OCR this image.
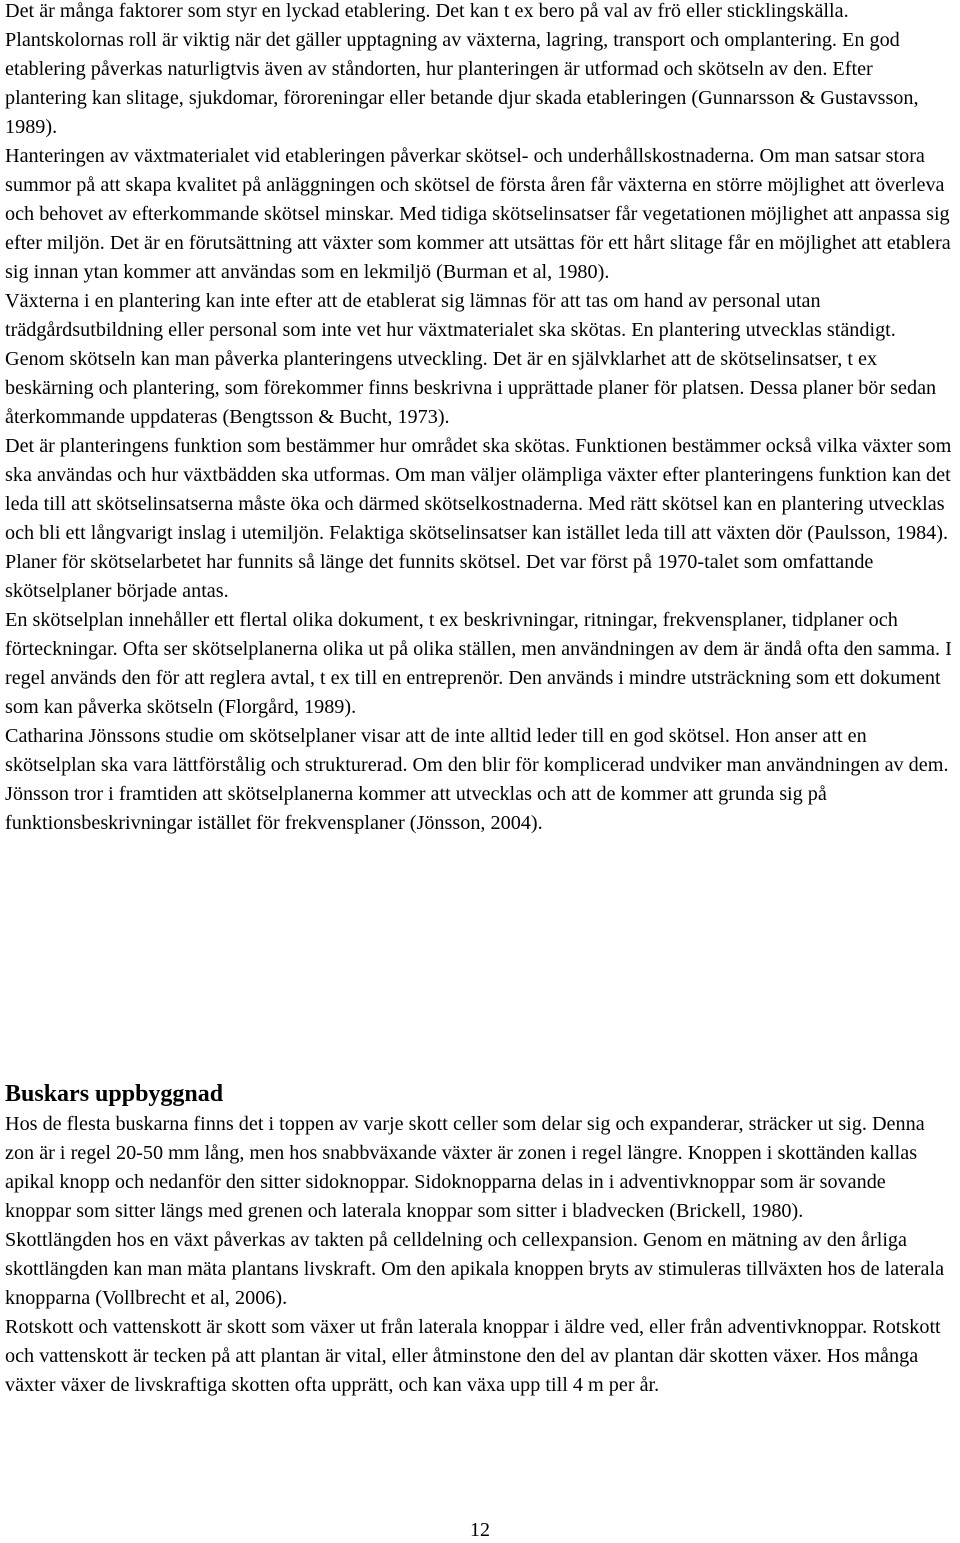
Det är många faktorer som styr en lyckad etablering. Det kan t ex bero på val av frö eller sticklingskälla. Plantskolornas roll är viktig när det gäller upptagning av växterna, lagring, transport och omplantering. En god etablering påverkas naturligtvis även av ståndorten, hur planteringen är utformad och skötseln av den. Efter plantering kan slitage, sjukdomar, föroreningar eller betande djur skada etableringen (Gunnarsson & Gustavsson, 1989).

Hanteringen av växtmaterialet vid etableringen påverkar skötsel- och underhållskostnaderna. Om man satsar stora summor på att skapa kvalitet på anläggningen och skötsel de första åren får växterna en större möjlighet att överleva och behovet av efterkommande skötsel minskar. Med tidiga skötselinsatser får vegetationen möjlighet att anpassa sig efter miljön. Det är en förutsättning att växter som kommer att utsättas för ett hårt slitage får en möjlighet att etablera sig innan ytan kommer att användas som en lekmiljö (Burman et al, 1980).

Växterna i en plantering kan inte efter att de etablerat sig lämnas för att tas om hand av personal utan trädgårdsutbildning eller personal som inte vet hur växtmaterialet ska skötas. En plantering utvecklas ständigt. Genom skötseln kan man påverka planteringens utveckling. Det är en självklarhet att de skötselinsatser, t ex beskärning och plantering, som förekommer finns beskrivna i upprättade planer för platsen. Dessa planer bör sedan återkommande uppdateras (Bengtsson & Bucht, 1973).

Det är planteringens funktion som bestämmer hur området ska skötas. Funktionen bestämmer också vilka växter som ska användas och hur växtbädden ska utformas. Om man väljer olämpliga växter efter planteringens funktion kan det leda till att skötselinsatserna måste öka och därmed skötselkostnaderna. Med rätt skötsel kan en plantering utvecklas och bli ett långvarigt inslag i utemiljön. Felaktiga skötselinsatser kan istället leda till att växten dör (Paulsson, 1984).

Planer för skötselarbetet har funnits så länge det funnits skötsel. Det var först på 1970-talet som omfattande skötselplaner började antas.

En skötselplan innehåller ett flertal olika dokument, t ex beskrivningar, ritningar, frekvensplaner, tidplaner och förteckningar. Ofta ser skötselplanerna olika ut på olika ställen, men användningen av dem är ändå ofta den samma. I regel används den för att reglera avtal, t ex till en entreprenör. Den används i mindre utsträckning som ett dokument som kan påverka skötseln (Florgård, 1989).

Catharina Jönssons studie om skötselplaner visar att de inte alltid leder till en god skötsel. Hon anser att en skötselplan ska vara lättförstålig och strukturerad. Om den blir för komplicerad undviker man användningen av dem. Jönsson tror i framtiden att skötselplanerna kommer att utvecklas och att de kommer att grunda sig på funktionsbeskrivningar istället för frekvensplaner (Jönsson, 2004).

Buskars uppbyggnad

Hos de flesta buskarna finns det i toppen av varje skott celler som delar sig och expanderar, sträcker ut sig. Denna zon är i regel 20-50 mm lång, men hos snabbväxande växter är zonen i regel längre. Knoppen i skottänden kallas apikal knopp och nedanför den sitter sidoknoppar. Sidoknopparna delas in i adventivknoppar som är sovande knoppar som sitter längs med grenen och laterala knoppar som sitter i bladvecken (Brickell, 1980).

Skottlängden hos en växt påverkas av takten på celldelning och cellexpansion. Genom en mätning av den årliga skottlängden kan man mäta plantans livskraft. Om den apikala knoppen bryts av stimuleras tillväxten hos de laterala knopparna (Vollbrecht et al, 2006).

Rotskott och vattenskott är skott som växer ut från laterala knoppar i äldre ved, eller från adventivknoppar. Rotskott och vattenskott är tecken på att plantan är vital, eller åtminstone den del av plantan där skotten växer. Hos många växter växer de livskraftiga skotten ofta upprätt, och kan växa upp till 4 m per år.

12
